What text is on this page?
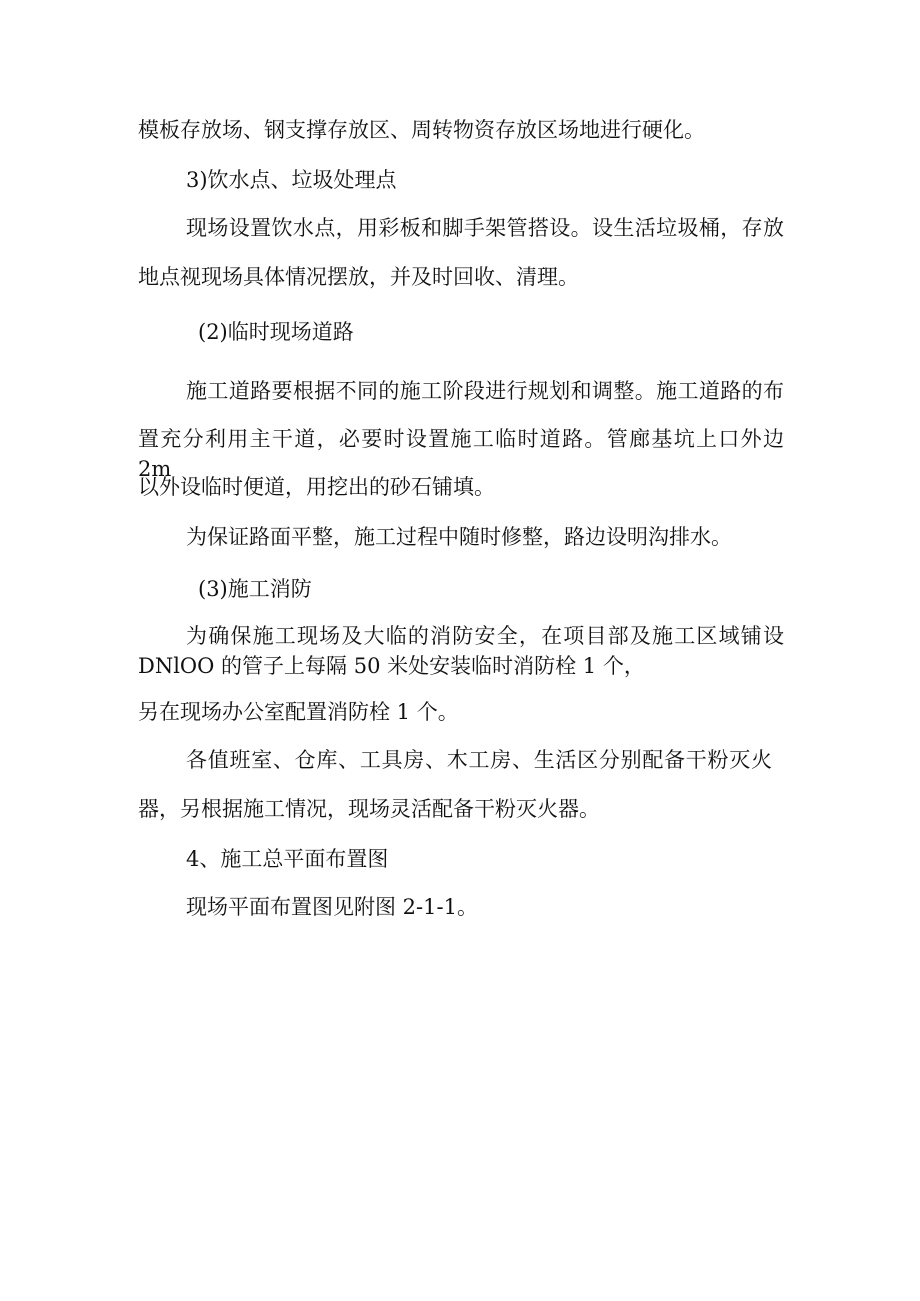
模板存放场、钢支撑存放区、周转物资存放区场地进行硬化。

3)饮水点、垃圾处理点

现场设置饮水点，用彩板和脚手架管搭设。设生活垃圾桶，存放

地点视现场具体情况摆放，并及时回收、清理。

(2)临时现场道路

施工道路要根据不同的施工阶段进行规划和调整。施工道路的布

置充分利用主干道，必要时设置施工临时道路。管廊基坑上口外边 2m

以外设临时便道，用挖出的砂石铺填。

为保证路面平整，施工过程中随时修整，路边设明沟排水。

(3)施工消防

为确保施工现场及大临的消防安全，在项目部及施工区域铺设

DNlOO 的管子上每隔 50 米处安装临时消防栓 1 个，

另在现场办公室配置消防栓 1 个。

各值班室、仓库、工具房、木工房、生活区分别配备干粉灭火

器，另根据施工情况，现场灵活配备干粉灭火器。

4、施工总平面布置图

现场平面布置图见附图 2-1-1。
